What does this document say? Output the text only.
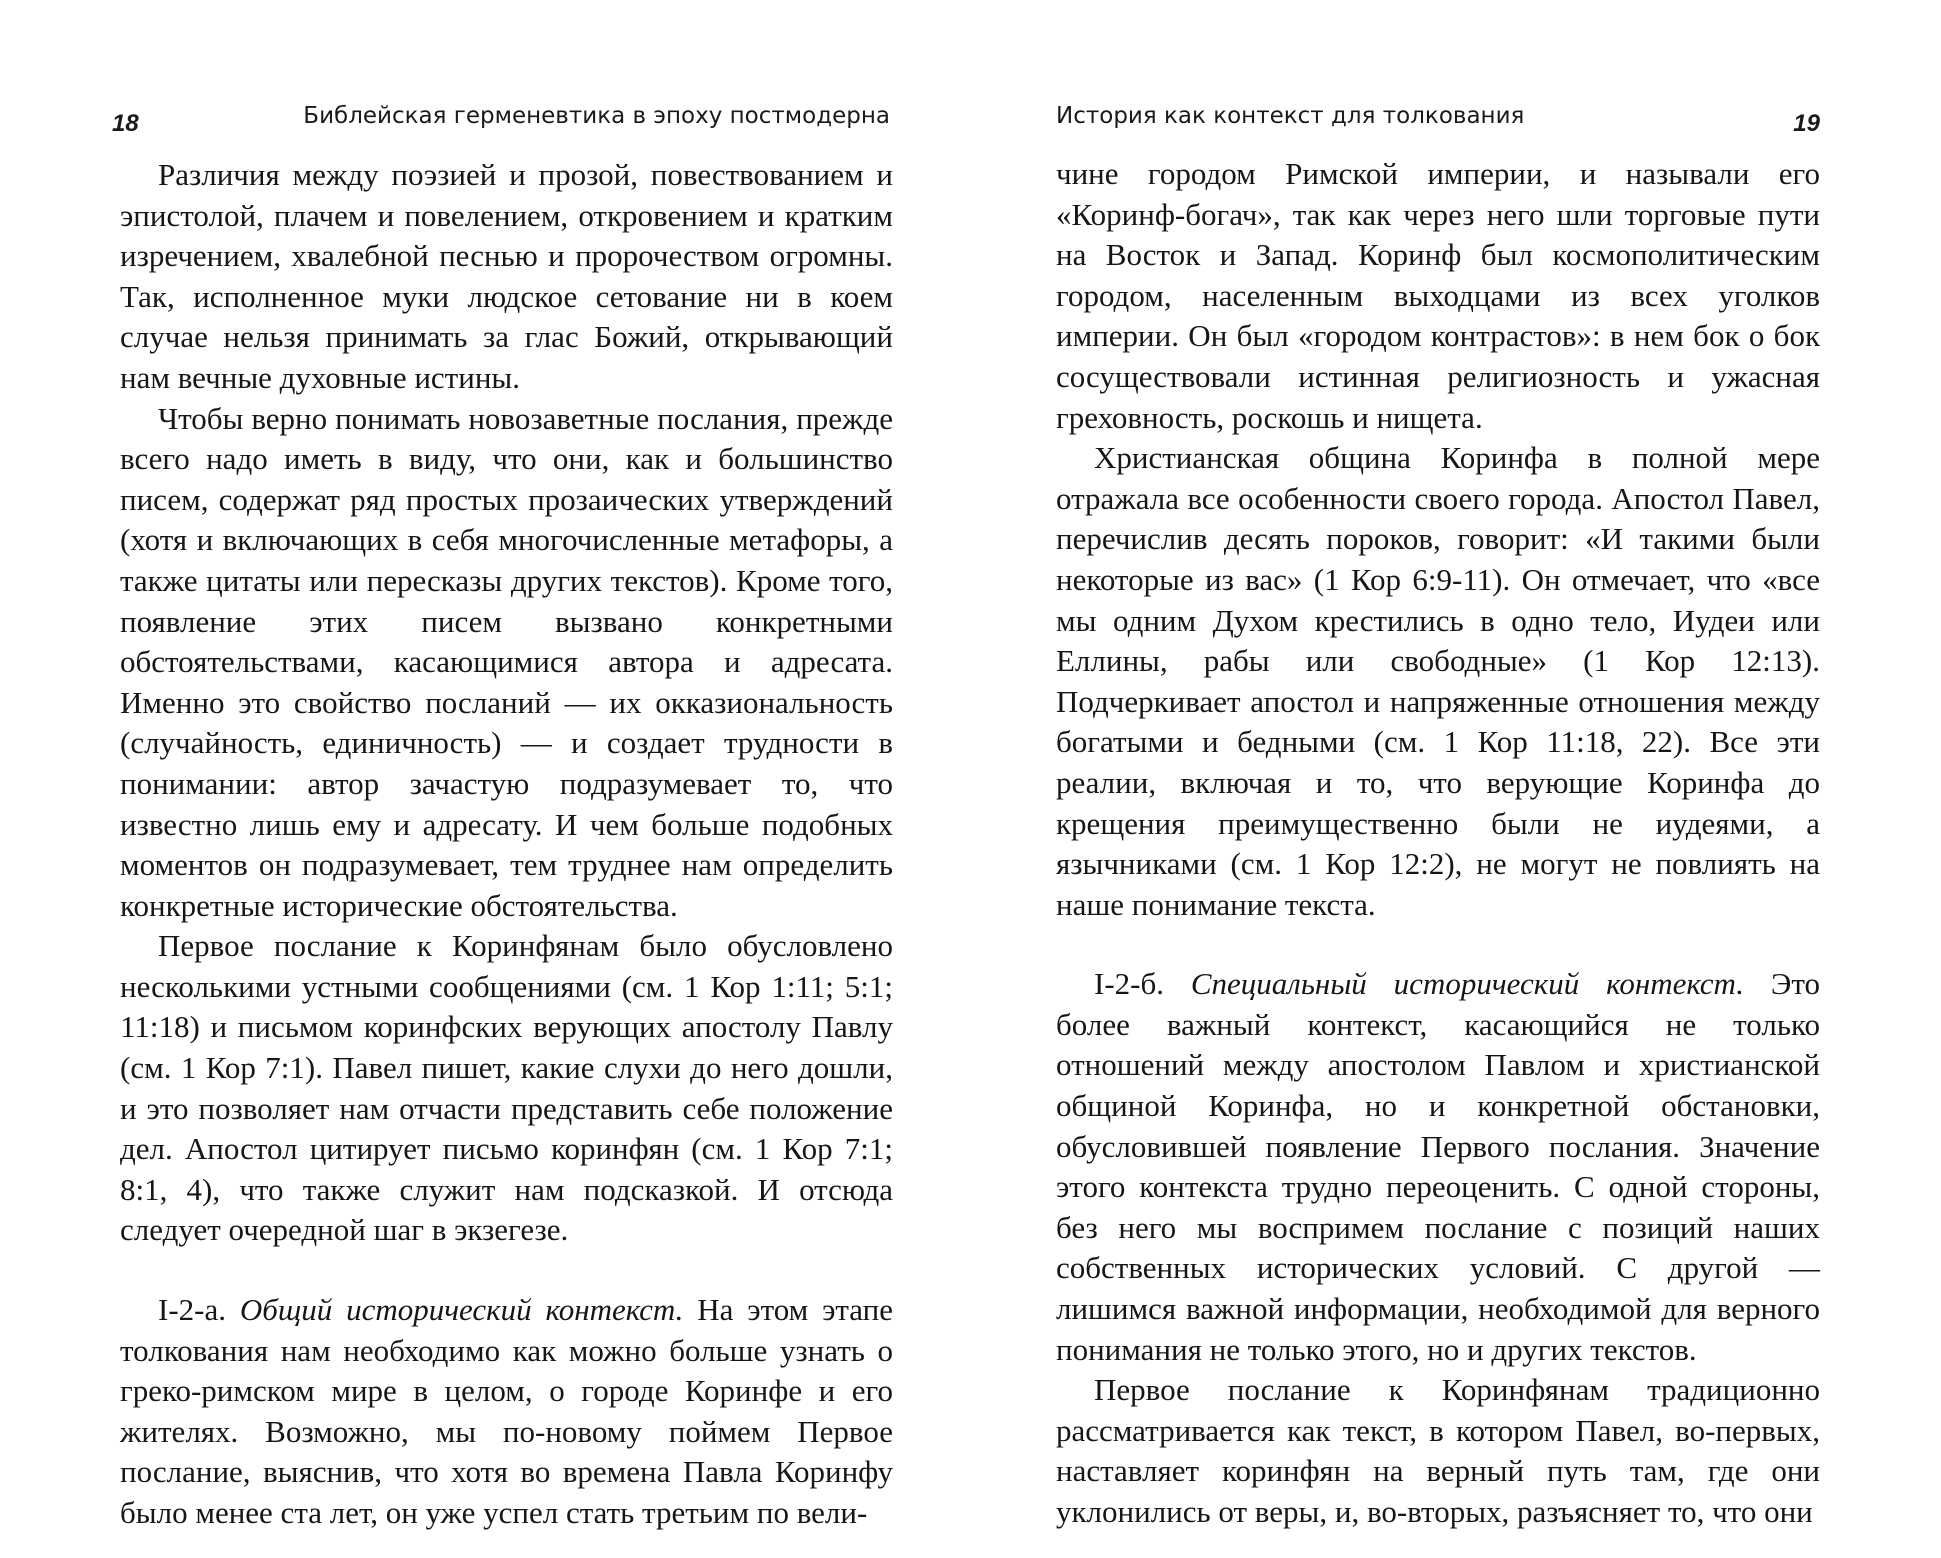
18	Библейская герменевтика в эпоху постмодерна

Различия между поэзией и прозой, повествованием и эпистолой, плачем и повелением, откровением и кратким изречением, хвалебной песнью и пророчеством огромны. Так, исполненное муки людское сетование ни в коем случае нельзя принимать за глас Божий, открывающий нам вечные духовные истины.

Чтобы верно понимать новозаветные послания, прежде всего надо иметь в виду, что они, как и большинство писем, содержат ряд простых прозаических утверждений (хотя и включающих в себя многочисленные метафоры, а также цитаты или пересказы других текстов). Кроме того, появление этих писем вызвано конкретными обстоятельствами, касающимися автора и адресата. Именно это свойство посланий — их окказиональность (случайность, единичность) — и создает трудности в понимании: автор зачастую подразумевает то, что известно лишь ему и адресату. И чем больше подобных моментов он подразумевает, тем труднее нам определить конкретные исторические обстоятельства.

Первое послание к Коринфянам было обусловлено несколькими устными сообщениями (см. 1 Кор 1:11; 5:1; 11:18) и письмом коринфских верующих апостолу Павлу (см. 1 Кор 7:1). Павел пишет, какие слухи до него дошли, и это позволяет нам отчасти представить себе положение дел. Апостол цитирует письмо коринфян (см. 1 Кор 7:1; 8:1, 4), что также служит нам подсказкой. И отсюда следует очередной шаг в экзегезе.

I-2-а. Общий исторический контекст. На этом этапе толкования нам необходимо как можно больше узнать о греко-римском мире в целом, о городе Коринфе и его жителях. Возможно, мы по-новому поймем Первое послание, выяснив, что хотя во времена Павла Коринфу было менее ста лет, он уже успел стать третьим по вели-

История как контекст для толкования	19

чине городом Римской империи, и называли его «Коринф-богач», так как через него шли торговые пути на Восток и Запад. Коринф был космополитическим городом, населенным выходцами из всех уголков империи. Он был «городом контрастов»: в нем бок о бок сосуществовали истинная религиозность и ужасная греховность, роскошь и нищета.

Христианская община Коринфа в полной мере отражала все особенности своего города. Апостол Павел, перечислив десять пороков, говорит: «И такими были некоторые из вас» (1 Кор 6:9-11). Он отмечает, что «все мы одним Духом крестились в одно тело, Иудеи или Еллины, рабы или свободные» (1 Кор 12:13). Подчеркивает апостол и напряженные отношения между богатыми и бедными (см. 1 Кор 11:18, 22). Все эти реалии, включая и то, что верующие Коринфа до крещения преимущественно были не иудеями, а язычниками (см. 1 Кор 12:2), не могут не повлиять на наше понимание текста.

I-2-б. Специальный исторический контекст. Это более важный контекст, касающийся не только отношений между апостолом Павлом и христианской общиной Коринфа, но и конкретной обстановки, обусловившей появление Первого послания. Значение этого контекста трудно переоценить. С одной стороны, без него мы воспримем послание с позиций наших собственных исторических условий. С другой — лишимся важной информации, необходимой для верного понимания не только этого, но и других текстов.

Первое послание к Коринфянам традиционно рассматривается как текст, в котором Павел, во-первых, наставляет коринфян на верный путь там, где они уклонились от веры, и, во-вторых, разъясняет то, что они
